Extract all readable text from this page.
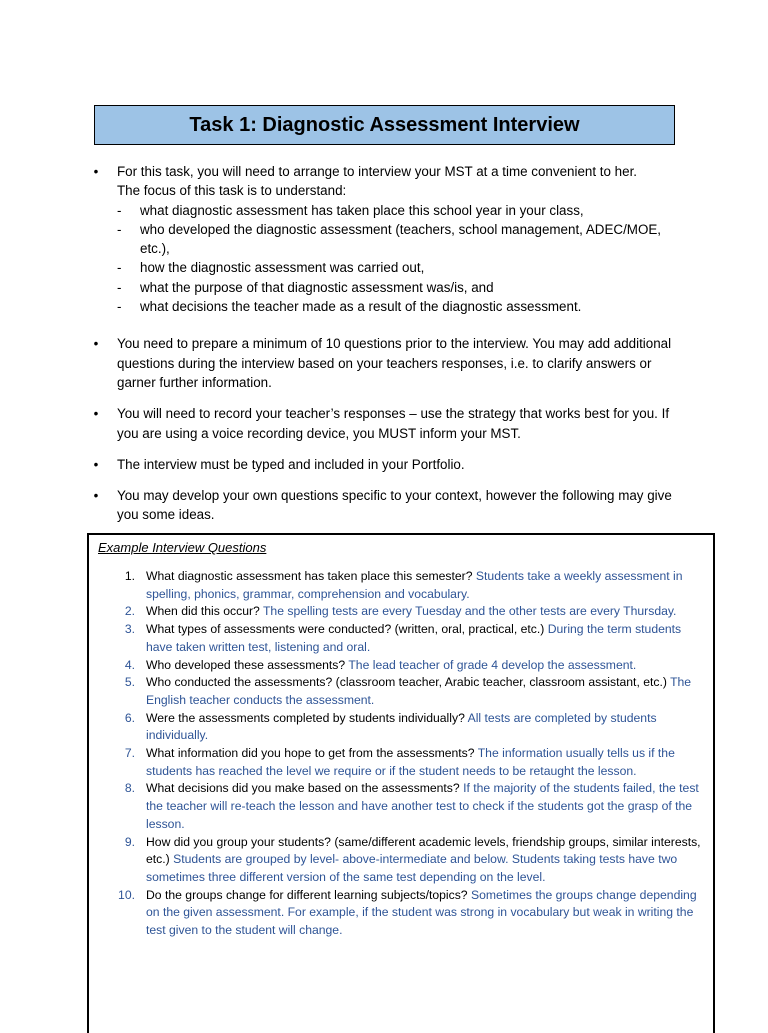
Task 1: Diagnostic Assessment Interview
•	For this task, you will need to arrange to interview your MST at a time convenient to her.
The focus of this task is to understand:
- what diagnostic assessment has taken place this school year in your class,
- who developed the diagnostic assessment (teachers, school management, ADEC/MOE, etc.),
- how the diagnostic assessment was carried out,
- what the purpose of that diagnostic assessment was/is, and
- what decisions the teacher made as a result of the diagnostic assessment.
•	You need to prepare a minimum of 10 questions prior to the interview. You may add additional questions during the interview based on your teachers responses, i.e. to clarify answers or garner further information.
•	You will need to record your teacher’s responses – use the strategy that works best for you. If you are using a voice recording device, you MUST inform your MST.
•	The interview must be typed and included in your Portfolio.
•	You may develop your own questions specific to your context, however the following may give you some ideas.
Example Interview Questions
1. What diagnostic assessment has taken place this semester? Students take a weekly assessment in spelling, phonics, grammar, comprehension and vocabulary.
2. When did this occur? The spelling tests are every Tuesday and the other tests are every Thursday.
3. What types of assessments were conducted? (written, oral, practical, etc.) During the term students have taken written test, listening and oral.
4. Who developed these assessments? The lead teacher of grade 4 develop the assessment.
5. Who conducted the assessments? (classroom teacher, Arabic teacher, classroom assistant, etc.) The English teacher conducts the assessment.
6. Were the assessments completed by students individually? All tests are completed by students individually.
7. What information did you hope to get from the assessments? The information usually tells us if the students has reached the level we require or if the student needs to be retaught the lesson.
8. What decisions did you make based on the assessments? If the majority of the students failed, the test the teacher will re-teach the lesson and have another test to check if the students got the grasp of the lesson.
9. How did you group your students? (same/different academic levels, friendship groups, similar interests, etc.) Students are grouped by level- above-intermediate and below. Students taking tests have two sometimes three different version of the same test depending on the level.
10. Do the groups change for different learning subjects/topics? Sometimes the groups change depending on the given assessment. For example, if the student was strong in vocabulary but weak in writing the test given to the student will change.
